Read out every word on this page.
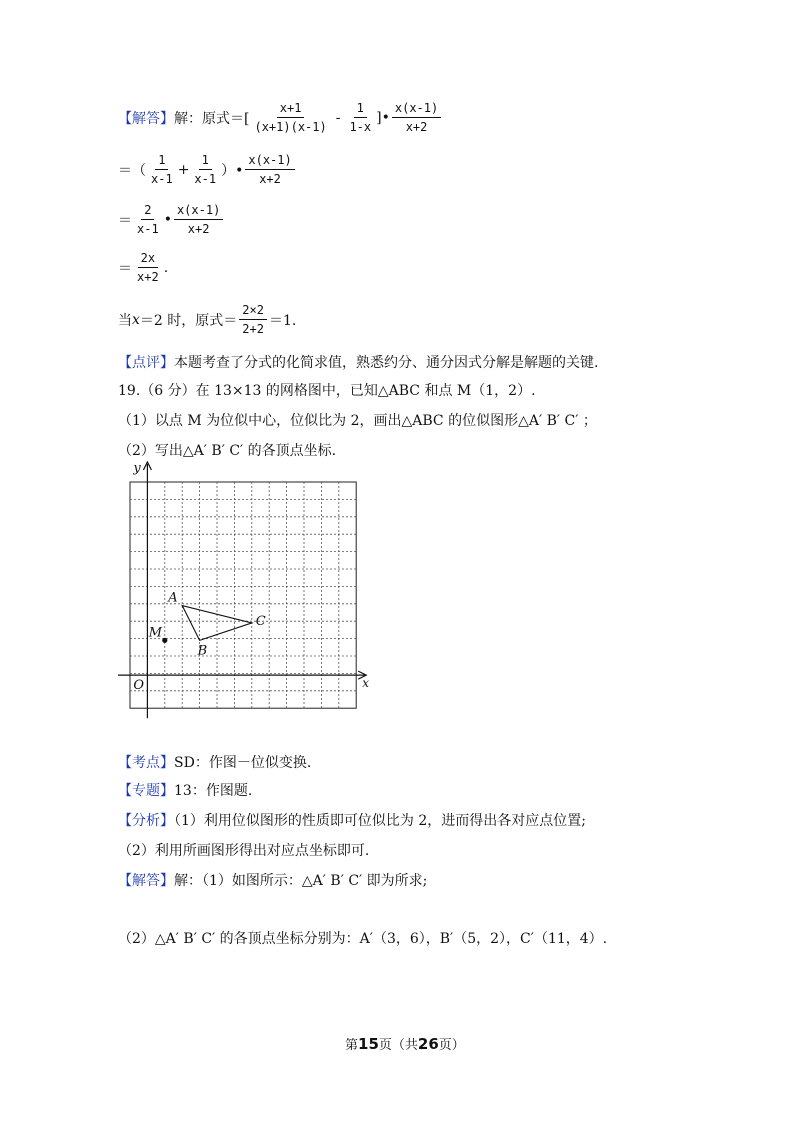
【解答】 解：原式＝[ $\frac{x+1}{(x+1)(x-1)} - \frac{1}{1-x}$ ]• $\frac{x(x-1)}{x+2}$
＝（ $\frac{1}{x-1} + \frac{1}{x-1}$ ）• $\frac{x(x-1)}{x+2}$
＝ $\frac{2}{x-1}$ • $\frac{x(x-1)}{x+2}$
＝ $\frac{2x}{x+2}$ .
当 x ＝2 时，原式＝ $\frac{2\times 2}{2+2} =1$.
【点评】本题考查了分式的化简求值，熟悉约分、通分因式分解是解题的关键.
19.（6 分）在 13×13 的网格图中，已知△ABC 和点 M（1，2）.
（1）以点 M 为位似中心，位似比为 2，画出△ABC 的位似图形△A′ B′ C′ ；
（2）写出△A′ B′ C′ 的各顶点坐标.
y
x
O
A
B
C
M
【考点】SD：作图－位似变换.
【专题】13：作图题.
【分析】（1）利用位似图形的性质即可位似比为 2，进而得出各对应点位置;
（2）利用所画图形得出对应点坐标即可.
【解答】解：（1）如图所示：△A′ B′ C′ 即为所求;
（2）△A′ B′ C′ 的各顶点坐标分别为：A′（3，6），B′（5，2），C′（11，4）.
第15页（共26页）
